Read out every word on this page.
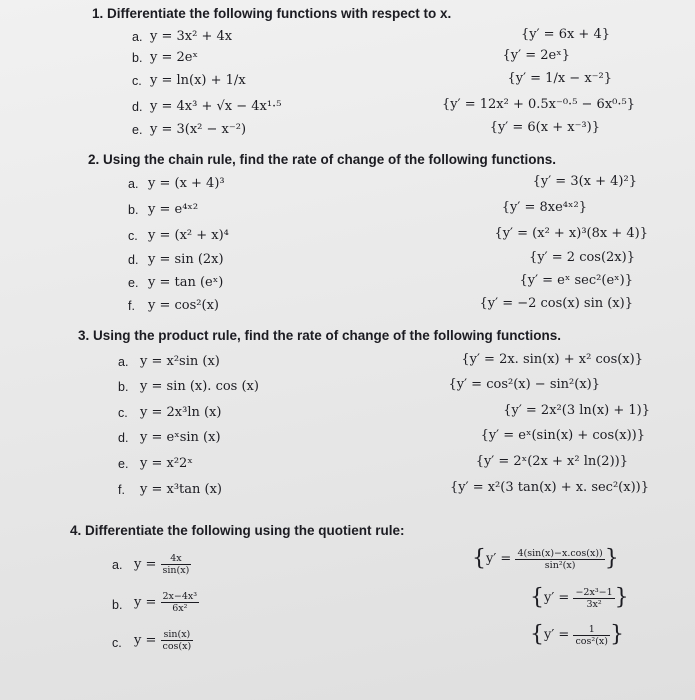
1. Differentiate the following functions with respect to x.
a. y = 3x² + 4x	{y′ = 6x + 4}
b. y = 2eˣ	{y′ = 2eˣ}
c. y = ln(x) + 1/x	{y′ = 1/x − x⁻²}
d. y = 4x³ + √x − 4x¹·⁵	{y′ = 12x² + 0.5x⁻⁰·⁵ − 6x⁰·⁵}
e. y = 3(x² − x⁻²)	{y′ = 6(x + x⁻³)}
2. Using the chain rule, find the rate of change of the following functions.
a. y = (x + 4)³	{y′ = 3(x + 4)²}
b. y = e⁴ˣ²	{y′ = 8xe⁴ˣ²}
c. y = (x² + x)⁴	{y′ = (x² + x)³(8x + 4)}
d. y = sin (2x)	{y′ = 2 cos(2x)}
e. y = tan (eˣ)	{y′ = eˣ sec²(eˣ)}
f. y = cos²(x)	{y′ = −2 cos(x) sin (x)}
3. Using the product rule, find the rate of change of the following functions.
a. y = x²sin (x)	{y′ = 2x. sin(x) + x² cos(x)}
b. y = sin (x). cos (x)	{y′ = cos²(x) − sin²(x)}
c. y = 2x³ln (x)	{y′ = 2x²(3 ln(x) + 1)}
d. y = eˣsin (x)	{y′ = eˣ(sin(x) + cos(x))}
e. y = x²2ˣ	{y′ = 2ˣ(2x + x² ln(2))}
f. y = x³tan (x)	{y′ = x²(3 tan(x) + x. sec²(x))}
4. Differentiate the following using the quotient rule:
a. $y = \frac{4x}{\sin(x)}$	{$y' = \frac{4(\sin(x)-x.\cos(x))}{\text{sin²(x)}}$ }
b. $y = \frac{\text{2x−4x³}}{\text{6x²}}$	{$y' = \frac{\text{−2x³−1}}{\text{3x²}}$ }
c. $y = \frac{\sin(x)}{\cos(x)}$	{$y' = \frac{1}{\text{cos²(x)}}$ }
